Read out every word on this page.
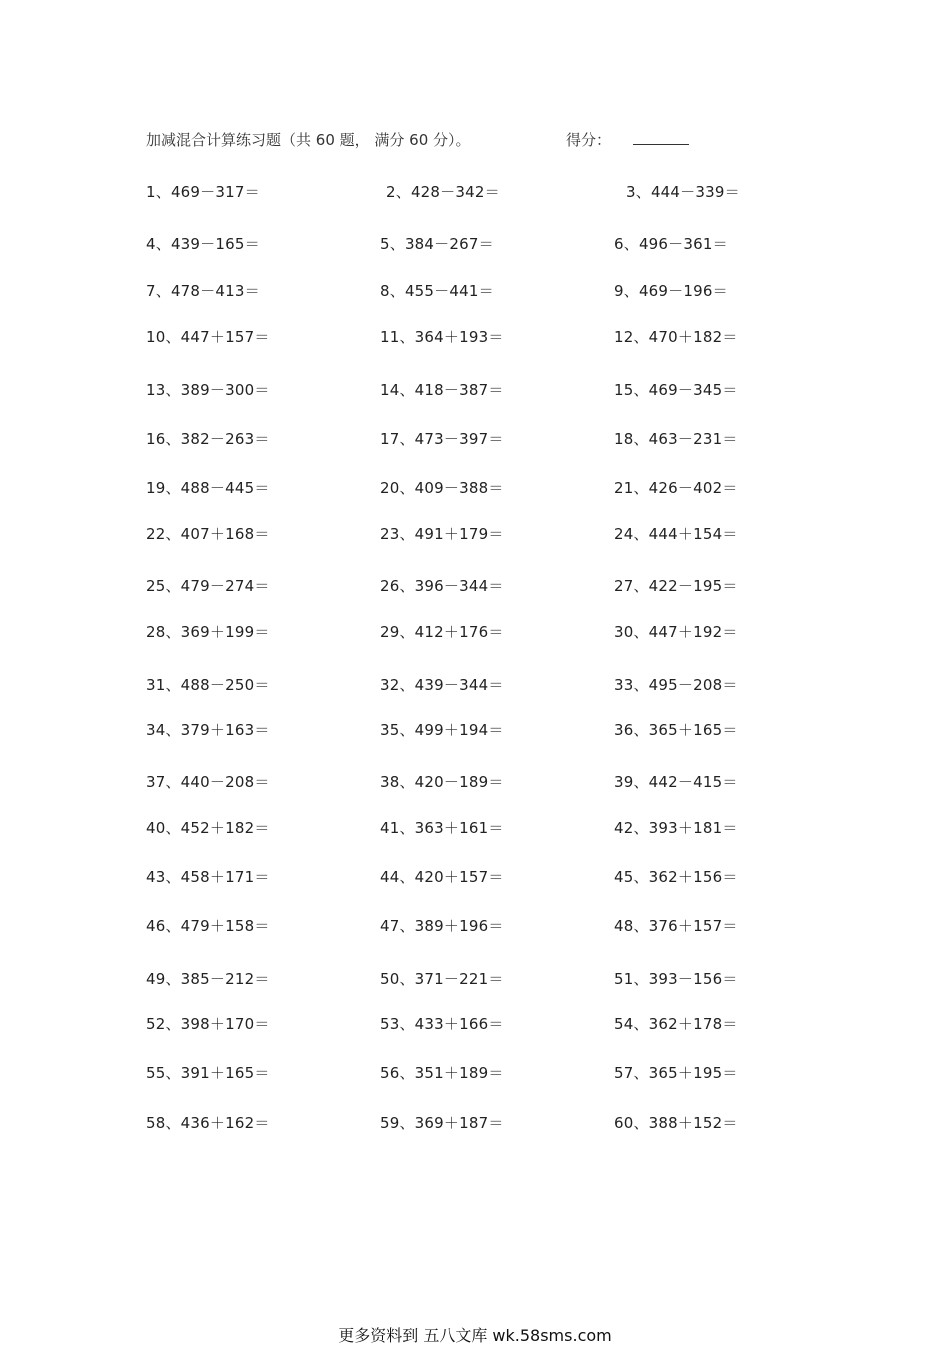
加减混合计算练习题（共 60 题， 满分 60 分）。	得分：
1、469－317＝	2、428－342＝	3、444－339＝
4、439－165＝	5、384－267＝	6、496－361＝
7、478－413＝	8、455－441＝	9、469－196＝
10、447＋157＝	11、364＋193＝	12、470＋182＝
13、389－300＝	14、418－387＝	15、469－345＝
16、382－263＝	17、473－397＝	18、463－231＝
19、488－445＝	20、409－388＝	21、426－402＝
22、407＋168＝	23、491＋179＝	24、444＋154＝
25、479－274＝	26、396－344＝	27、422－195＝
28、369＋199＝	29、412＋176＝	30、447＋192＝
31、488－250＝	32、439－344＝	33、495－208＝
34、379＋163＝	35、499＋194＝	36、365＋165＝
37、440－208＝	38、420－189＝	39、442－415＝
40、452＋182＝	41、363＋161＝	42、393＋181＝
43、458＋171＝	44、420＋157＝	45、362＋156＝
46、479＋158＝	47、389＋196＝	48、376＋157＝
49、385－212＝	50、371－221＝	51、393－156＝
52、398＋170＝	53、433＋166＝	54、362＋178＝
55、391＋165＝	56、351＋189＝	57、365＋195＝
58、436＋162＝	59、369＋187＝	60、388＋152＝
更多资料到 五八文库 wk.58sms.com
